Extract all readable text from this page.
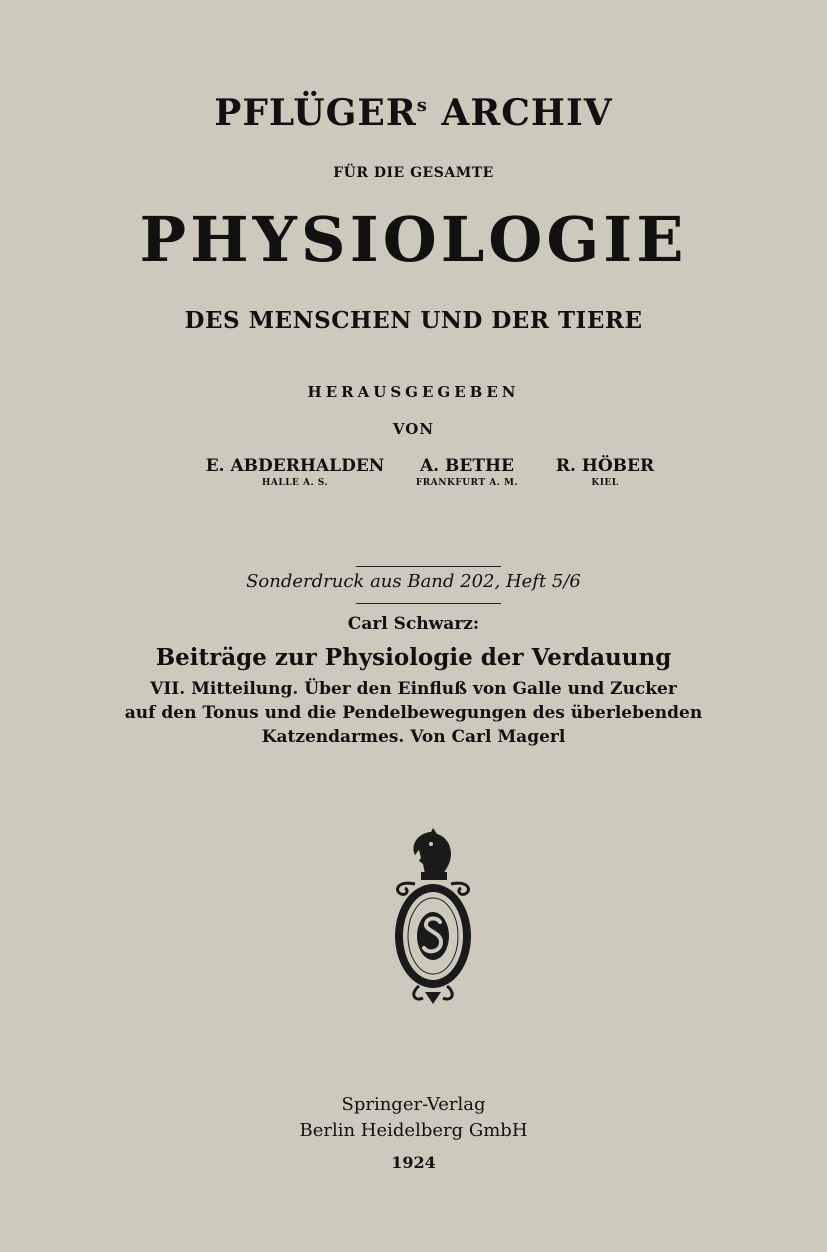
PFLÜGER$^s$ ARCHIV
FÜR DIE GESAMTE
PHYSIOLOGIE
DES MENSCHEN UND DER TIERE
HERAUSGEGEBEN
VON
E. ABDERHALDEN
HALLE A. S.
A. BETHE
FRANKFURT A. M.
R. HÖBER
KIEL
Sonderdruck aus Band 202, Heft 5/6
Carl Schwarz:
Beiträge zur Physiologie der Verdauung
VII. Mitteilung. Über den Einfluß von Galle und Zucker
auf den Tonus und die Pendelbewegungen des überlebenden
Katzendarmes. Von Carl Magerl
Springer-Verlag
Berlin Heidelberg GmbH
1924
